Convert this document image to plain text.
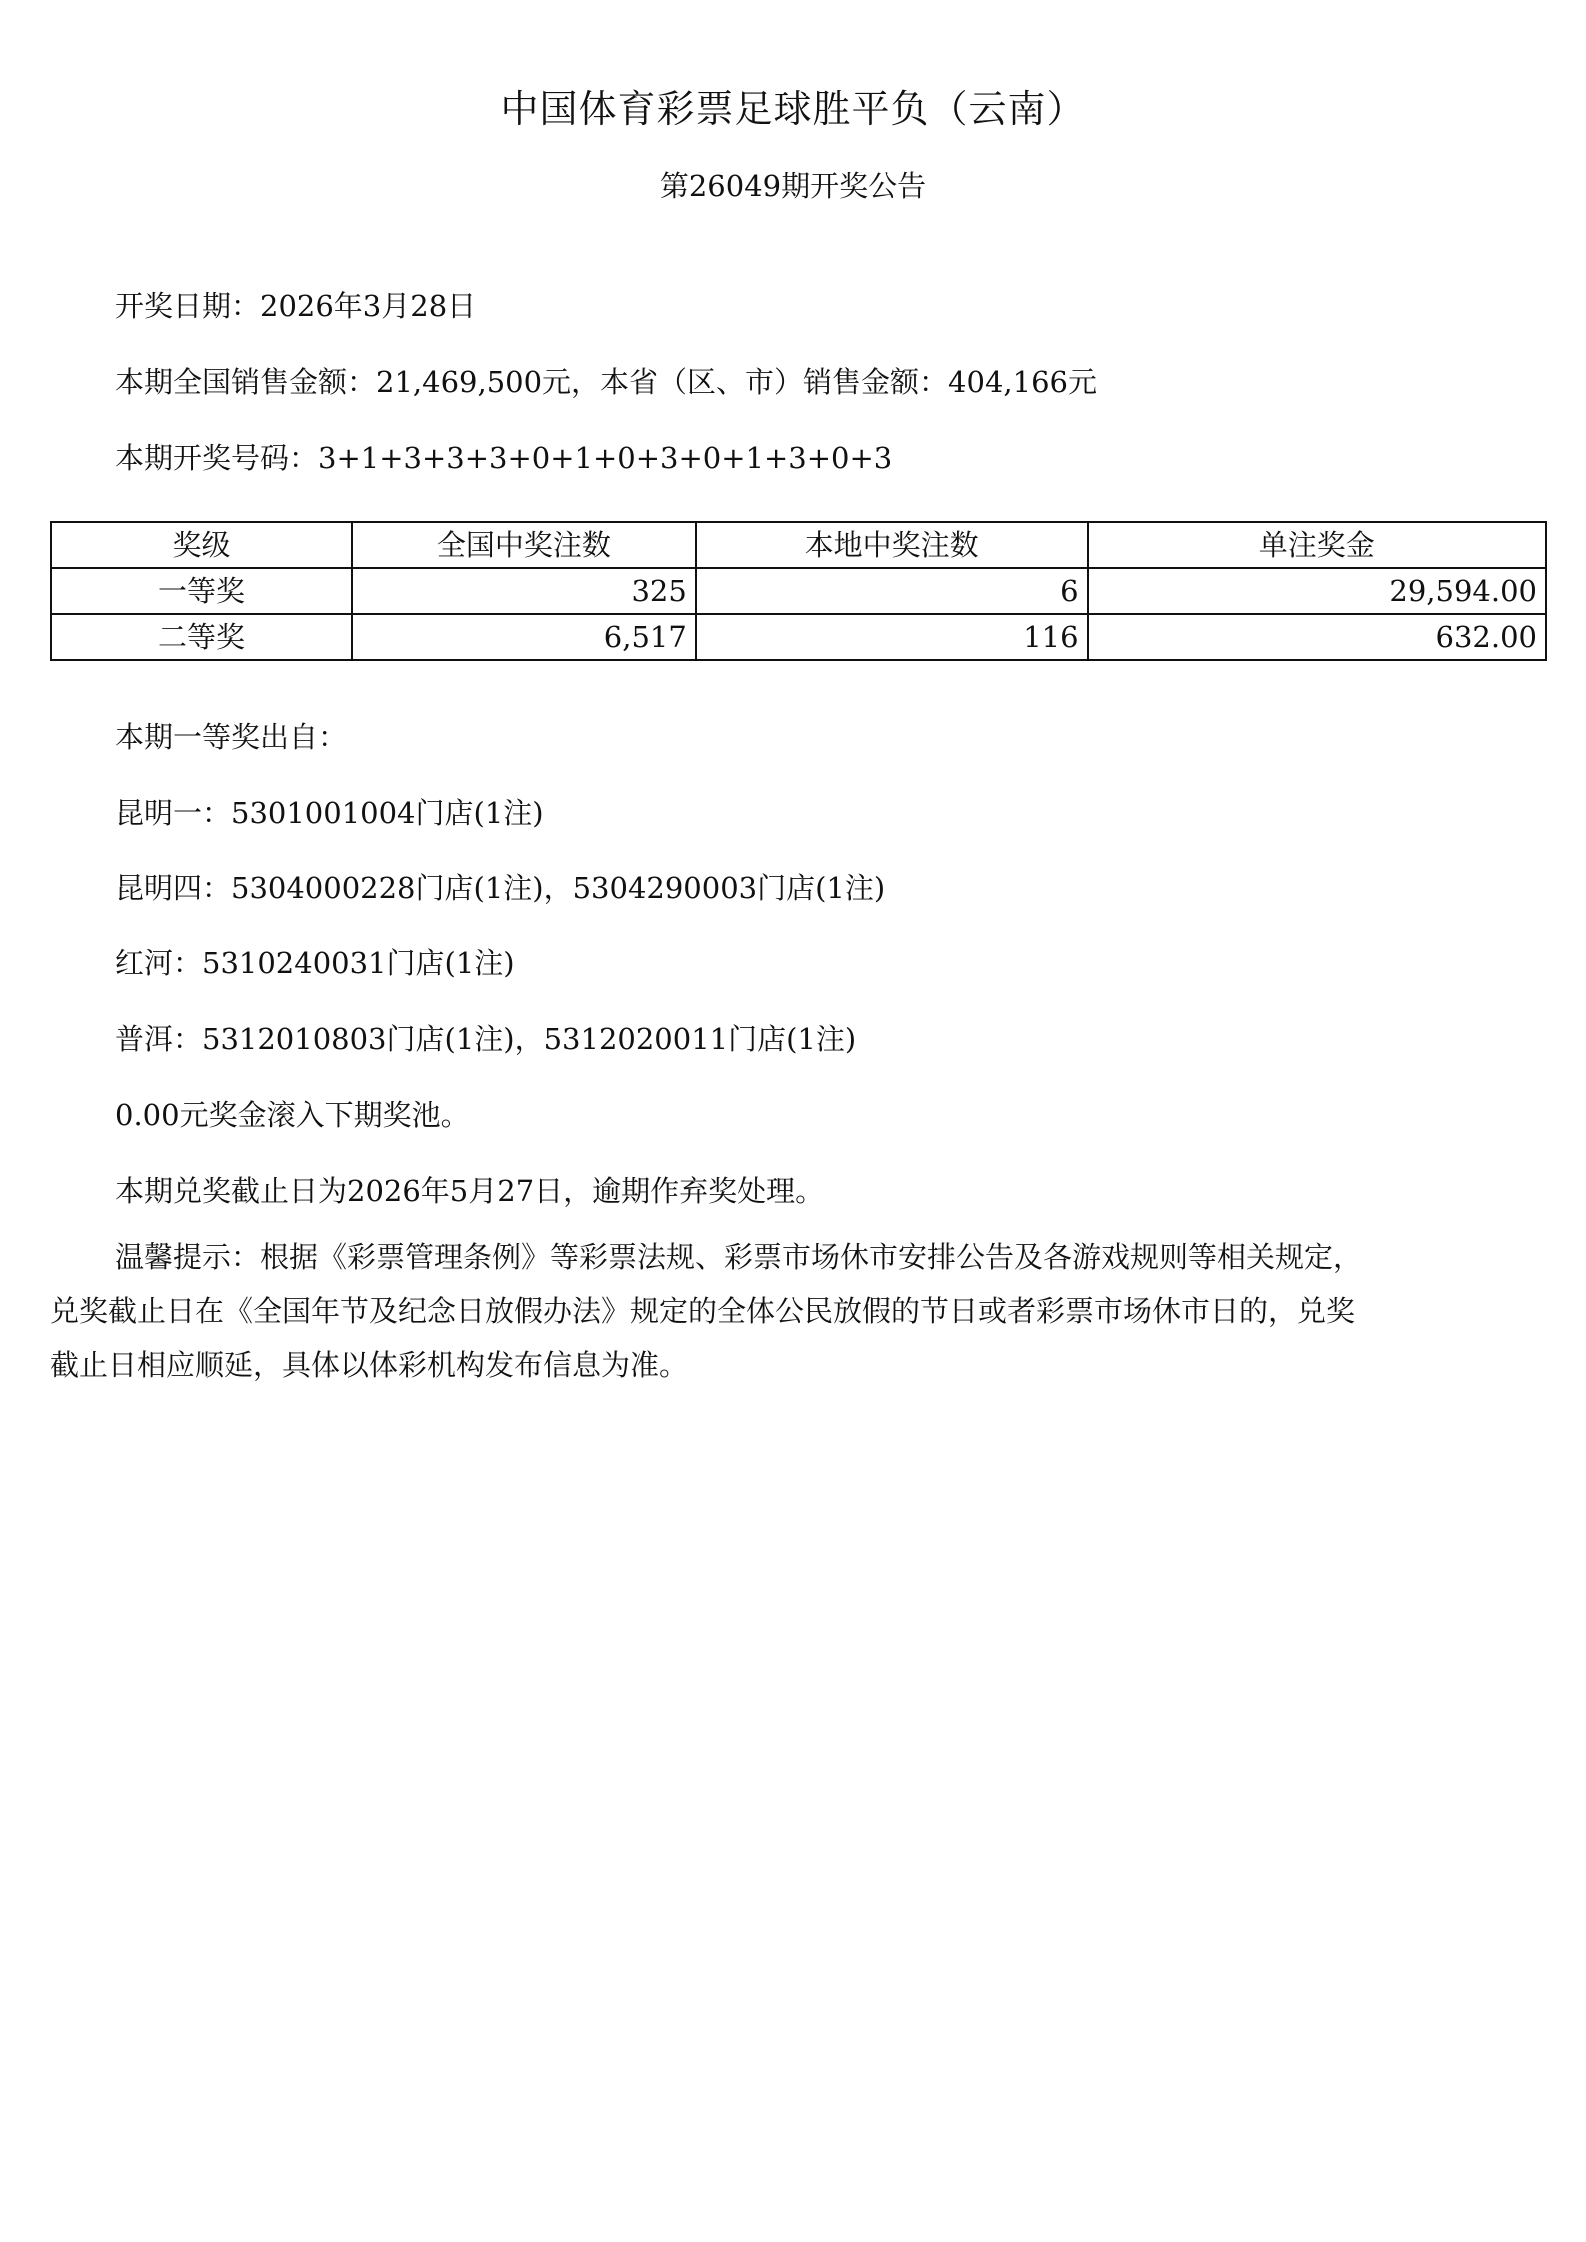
中国体育彩票足球胜平负（云南）
第26049期开奖公告
开奖日期：2026年3月28日
本期全国销售金额：21,469,500元，本省（区、市）销售金额：404,166元
本期开奖号码：3+1+3+3+3+0+1+0+3+0+1+3+0+3
奖级	全国中奖注数	本地中奖注数	单注奖金
一等奖	325	6	29,594.00
二等奖	6,517	116	632.00
本期一等奖出自：
昆明一：5301001004门店(1注)
昆明四：5304000228门店(1注)，5304290003门店(1注)
红河：5310240031门店(1注)
普洱：5312010803门店(1注)，5312020011门店(1注)
0.00元奖金滚入下期奖池。
本期兑奖截止日为2026年5月27日，逾期作弃奖处理。
温馨提示：根据《彩票管理条例》等彩票法规、彩票市场休市安排公告及各游戏规则等相关规定，
兑奖截止日在《全国年节及纪念日放假办法》规定的全体公民放假的节日或者彩票市场休市日的，兑奖
截止日相应顺延，具体以体彩机构发布信息为准。
